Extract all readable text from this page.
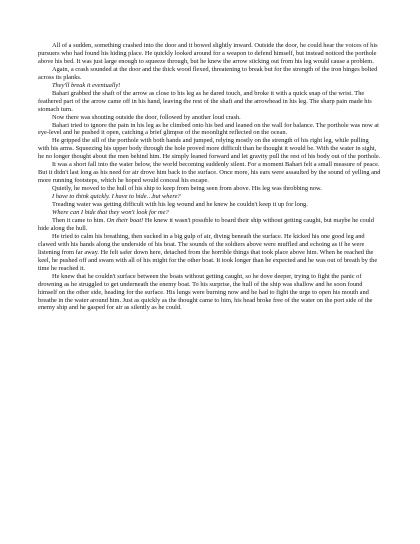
All of a sudden, something crashed into the door and it bowed slightly inward. Outside the door, he could hear the voices of his pursuers who had found his hiding place. He quickly looked around for a weapon to defend himself, but instead noticed the porthole above his bed. It was just large enough to squeeze through, but he knew the arrow sticking out from his leg would cause a problem.

Again, a crash sounded at the door and the thick wood flexed, threatening to break but for the strength of the iron hinges bolted across its planks.

They'll break it eventually!

Bahari grabbed the shaft of the arrow as close to his leg as he dared touch, and broke it with a quick snap of the wrist. The feathered part of the arrow came off in his hand, leaving the rest of the shaft and the arrowhead in his leg. The sharp pain made his stomach turn.

Now there was shouting outside the door, followed by another loud crash.

Bahari tried to ignore the pain in his leg as he climbed onto his bed and leaned on the wall for balance. The porthole was now at eye-level and he pushed it open, catching a brief glimpse of the moonlight reflected on the ocean.

He gripped the sill of the porthole with both hands and jumped, relying mostly on the strength of his right leg, while pulling with his arms. Squeezing his upper body through the hole proved more difficult than he thought it would be. With the water in sight, he no longer thought about the men behind him. He simply leaned forward and let gravity pull the rest of his body out of the porthole.

It was a short fall into the water below, the world becoming suddenly silent. For a moment Bahari felt a small measure of peace. But it didn't last long as his need for air drove him back to the surface. Once more, his ears were assaulted by the sound of yelling and more running footsteps, which he hoped would conceal his escape.

Quietly, he moved to the hull of his ship to keep from being seen from above. His leg was throbbing now.

I have to think quickly. I have to hide…but where?

Treading water was getting difficult with his leg wound and he knew he couldn't keep it up for long.

Where can I hide that they won't look for me?

Then it came to him. On their boat! He knew it wasn't possible to board their ship without getting caught, but maybe he could hide along the hull.

He tried to calm his breathing, then sucked in a big gulp of air, diving beneath the surface. He kicked his one good leg and clawed with his hands along the underside of his boat. The sounds of the soldiers above were muffled and echoing as if he were listening from far away. He felt safer down here, detached from the horrible things that took place above him. When he reached the keel, he pushed off and swam with all of his might for the other boat. It took longer than he expected and he was out of breath by the time he reached it.

He knew that he couldn't surface between the boats without getting caught, so he dove deeper, trying to fight the panic of drowning as he struggled to get underneath the enemy boat. To his surprise, the hull of the ship was shallow and he soon found himself on the other side, heading for the surface. His lungs were burning now and he had to fight the urge to open his mouth and breathe in the water around him. Just as quickly as the thought came to him, his head broke free of the water on the port side of the enemy ship and he gasped for air as silently as he could.
